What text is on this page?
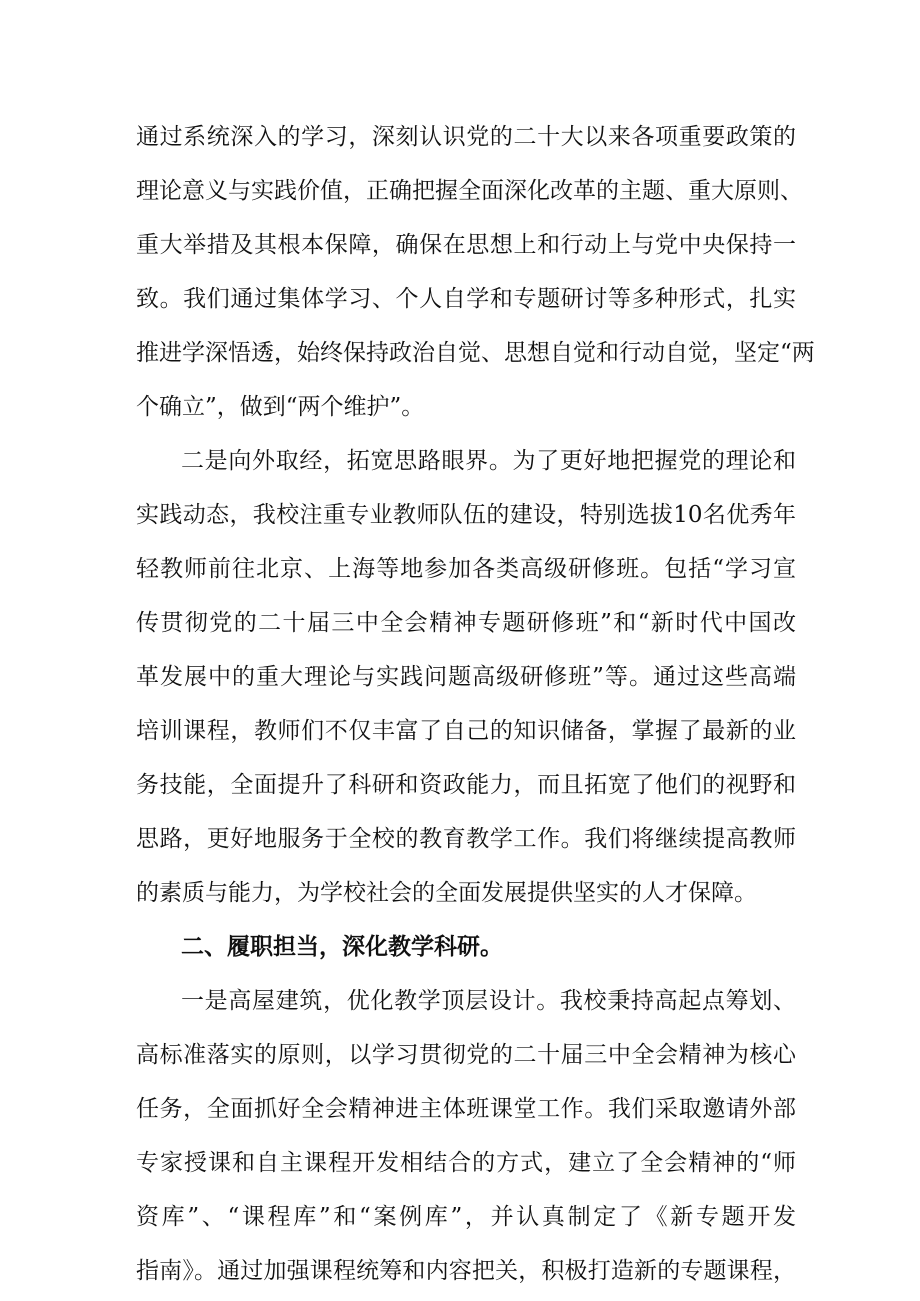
通过系统深入的学习，深刻认识党的二十大以来各项重要政策的
理论意义与实践价值，正确把握全面深化改革的主题、重大原则、
重大举措及其根本保障，确保在思想上和行动上与党中央保持一
致。我们通过集体学习、个人自学和专题研讨等多种形式，扎实
推进学深悟透，始终保持政治自觉、思想自觉和行动自觉，坚定“两
个确立”，做到“两个维护”。
二是向外取经，拓宽思路眼界。为了更好地把握党的理论和
实践动态，我校注重专业教师队伍的建设，特别选拔10名优秀年
轻教师前往北京、上海等地参加各类高级研修班。包括“学习宣
传贯彻党的二十届三中全会精神专题研修班”和“新时代中国改
革发展中的重大理论与实践问题高级研修班”等。通过这些高端
培训课程，教师们不仅丰富了自己的知识储备，掌握了最新的业
务技能，全面提升了科研和资政能力，而且拓宽了他们的视野和
思路，更好地服务于全校的教育教学工作。我们将继续提高教师
的素质与能力，为学校社会的全面发展提供坚实的人才保障。
二、履职担当，深化教学科研。
一是高屋建筑，优化教学顶层设计。我校秉持高起点筹划、
高标准落实的原则，以学习贯彻党的二十届三中全会精神为核心
任务，全面抓好全会精神进主体班课堂工作。我们采取邀请外部
专家授课和自主课程开发相结合的方式，建立了全会精神的“师
资库”、“课程库”和“案例库”，并认真制定了《新专题开发
指南》。通过加强课程统筹和内容把关，积极打造新的专题课程，
